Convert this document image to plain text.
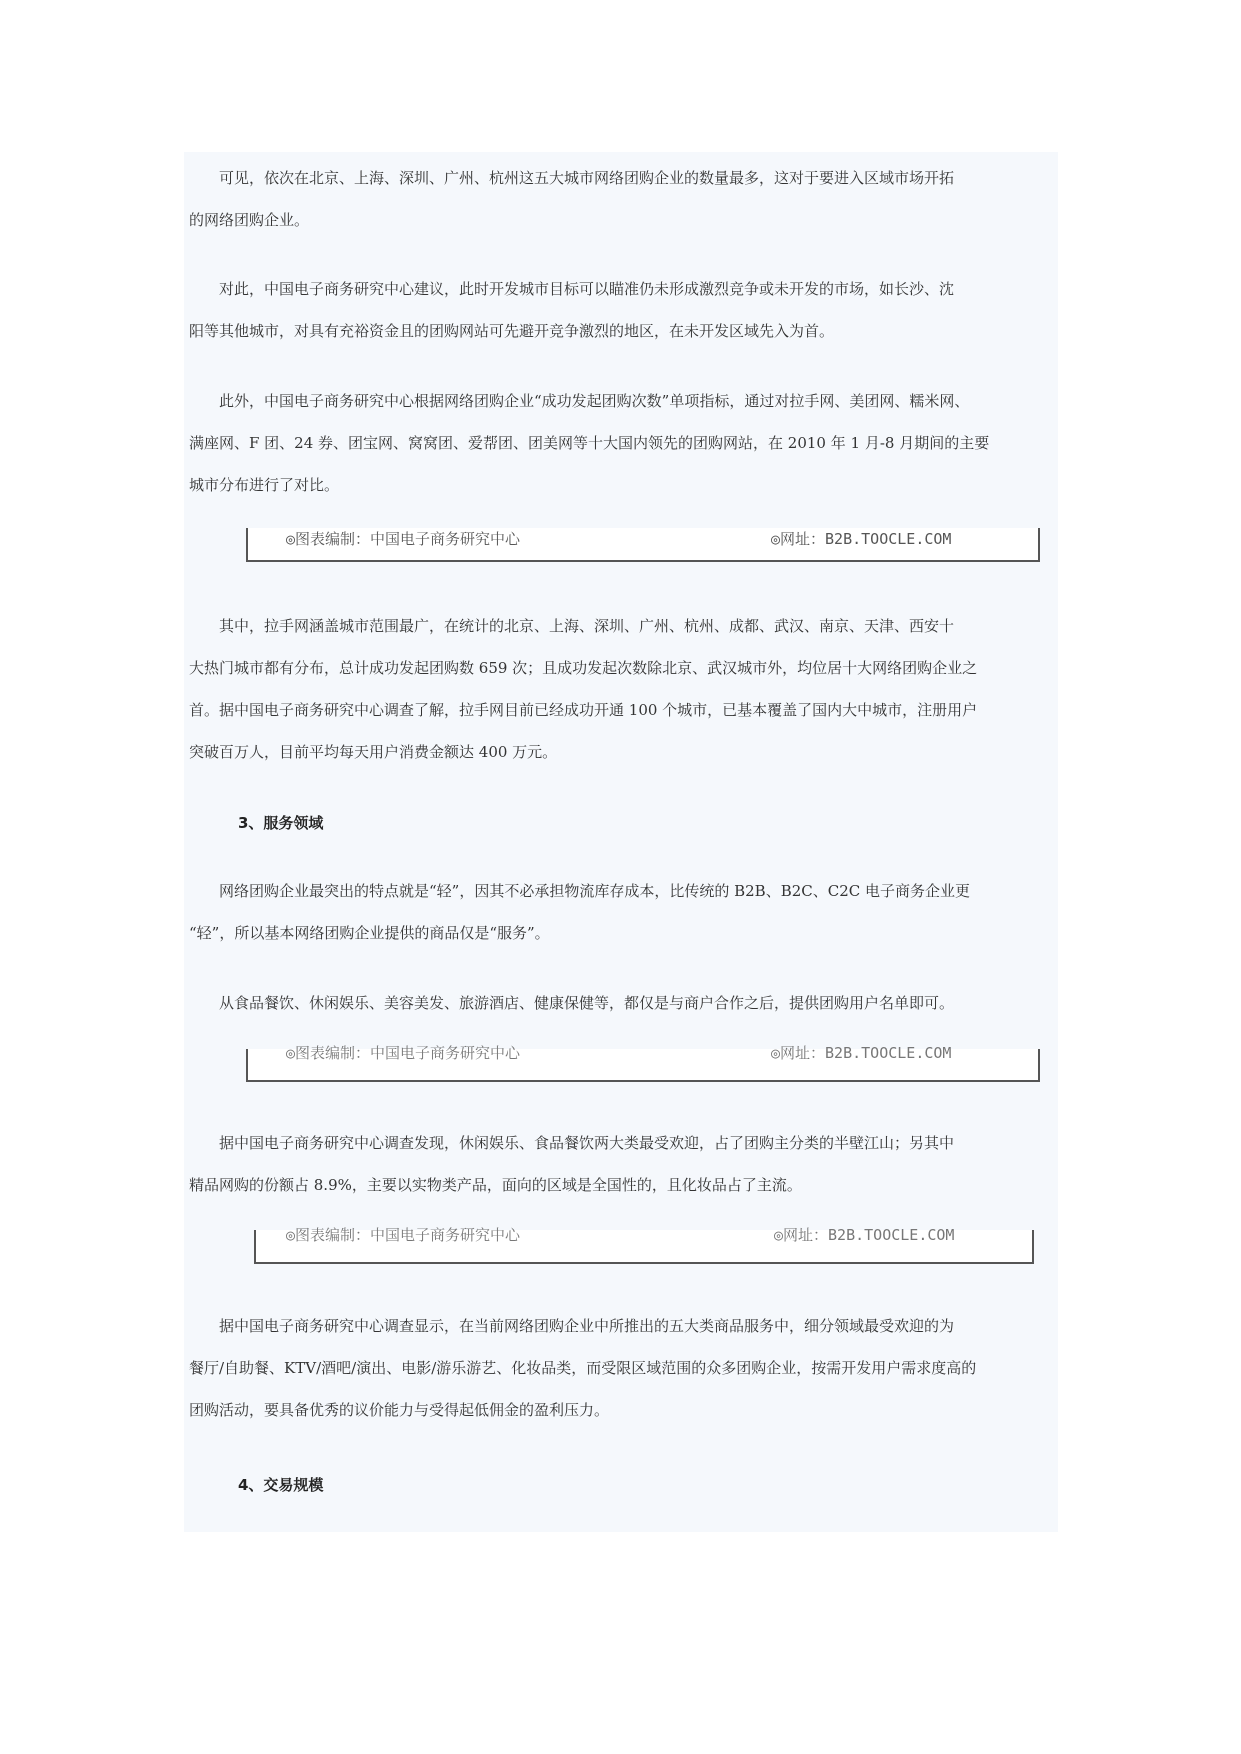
　　可见，依次在北京、上海、深圳、广州、杭州这五大城市网络团购企业的数量最多，这对于要进入区域市场开拓
的网络团购企业。
　　对此，中国电子商务研究中心建议，此时开发城市目标可以瞄准仍未形成激烈竞争或未开发的市场，如长沙、沈
阳等其他城市，对具有充裕资金且的团购网站可先避开竞争激烈的地区，在未开发区域先入为首。
　　此外，中国电子商务研究中心根据网络团购企业“成功发起团购次数”单项指标，通过对拉手网、美团网、糯米网、
满座网、F 团、24 券、团宝网、窝窝团、爱帮团、团美网等十大国内领先的团购网站，在 2010 年 1 月-8 月期间的主要
城市分布进行了对比。
◎图表编制：中国电子商务研究中心	◎网址：B2B.TOOCLE.COM
　　其中，拉手网涵盖城市范围最广，在统计的北京、上海、深圳、广州、杭州、成都、武汉、南京、天津、西安十
大热门城市都有分布，总计成功发起团购数 659 次；且成功发起次数除北京、武汉城市外，均位居十大网络团购企业之
首。据中国电子商务研究中心调查了解，拉手网目前已经成功开通 100 个城市，已基本覆盖了国内大中城市，注册用户
突破百万人，目前平均每天用户消费金额达 400 万元。
3、服务领域
　　网络团购企业最突出的特点就是“轻”，因其不必承担物流库存成本，比传统的 B2B、B2C、C2C 电子商务企业更
“轻”，所以基本网络团购企业提供的商品仅是“服务”。
　　从食品餐饮、休闲娱乐、美容美发、旅游酒店、健康保健等，都仅是与商户合作之后，提供团购用户名单即可。
◎图表编制：中国电子商务研究中心	◎网址：B2B.TOOCLE.COM
　　据中国电子商务研究中心调查发现，休闲娱乐、食品餐饮两大类最受欢迎，占了团购主分类的半壁江山；另其中
精品网购的份额占 8.9%，主要以实物类产品，面向的区域是全国性的，且化妆品占了主流。
◎图表编制：中国电子商务研究中心	◎网址：B2B.TOOCLE.COM
　　据中国电子商务研究中心调查显示，在当前网络团购企业中所推出的五大类商品服务中，细分领域最受欢迎的为
餐厅/自助餐、KTV/酒吧/演出、电影/游乐游艺、化妆品类，而受限区域范围的众多团购企业，按需开发用户需求度高的
团购活动，要具备优秀的议价能力与受得起低佣金的盈利压力。
4、交易规模
